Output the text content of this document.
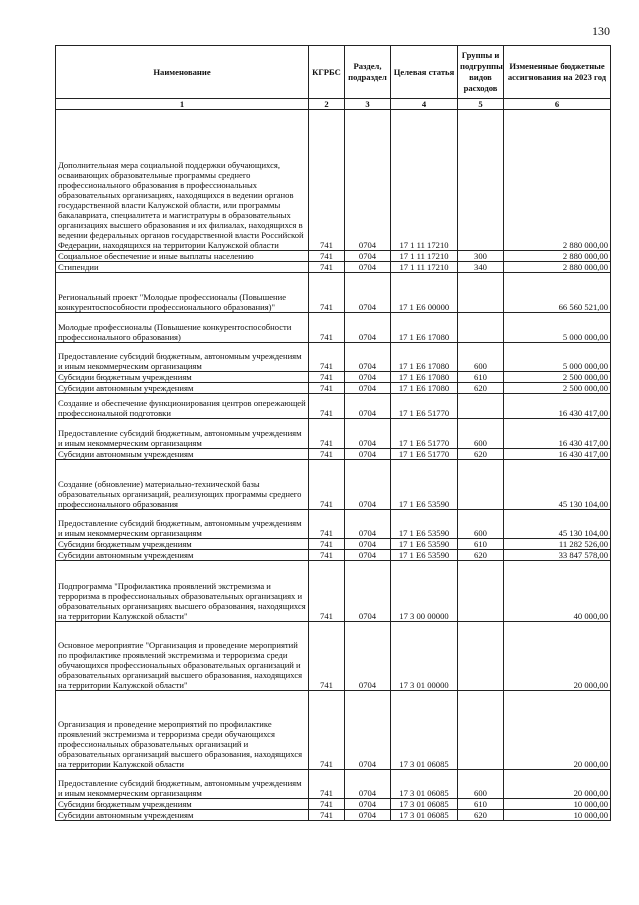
130
Наименование	КГРБС	Раздел, подраздел	Целевая статья	Группы и подгруппы видов расходов	Измененные бюджетные ассигнования на 2023 год
1	2	3	4	5	6
Дополнительная мера социальной поддержки обучающихся, осваивающих образовательные программы среднего профессионального образования в профессиональных образовательных организациях, находящихся в ведении органов государственной власти Калужской области, или программы бакалавриата, специалитета и магистратуры в образовательных организациях высшего образования и их филиалах, находящихся в ведении федеральных органов государственной власти Российской Федерации, находящихся на территории Калужской области	741	0704	17 1 11 17210		2 880 000,00
Социальное обеспечение и иные выплаты населению	741	0704	17 1 11 17210	300	2 880 000,00
Стипендии	741	0704	17 1 11 17210	340	2 880 000,00
Региональный проект "Молодые профессионалы (Повышение конкурентоспособности профессионального образования)"	741	0704	17 1 E6 00000		66 560 521,00
Молодые профессионалы (Повышение конкурентоспособности профессионального образования)	741	0704	17 1 E6 17080		5 000 000,00
Предоставление субсидий бюджетным, автономным учреждениям и иным некоммерческим организациям	741	0704	17 1 E6 17080	600	5 000 000,00
Субсидии бюджетным учреждениям	741	0704	17 1 E6 17080	610	2 500 000,00
Субсидии автономным учреждениям	741	0704	17 1 E6 17080	620	2 500 000,00
Создание и обеспечение функционирования центров опережающей профессиональной подготовки	741	0704	17 1 E6 51770		16 430 417,00
Предоставление субсидий бюджетным, автономным учреждениям и иным некоммерческим организациям	741	0704	17 1 E6 51770	600	16 430 417,00
Субсидии автономным учреждениям	741	0704	17 1 E6 51770	620	16 430 417,00
Создание (обновление) материально-технической базы образовательных организаций, реализующих программы среднего профессионального образования	741	0704	17 1 E6 53590		45 130 104,00
Предоставление субсидий бюджетным, автономным учреждениям и иным некоммерческим организациям	741	0704	17 1 E6 53590	600	45 130 104,00
Субсидии бюджетным учреждениям	741	0704	17 1 E6 53590	610	11 282 526,00
Субсидии автономным учреждениям	741	0704	17 1 E6 53590	620	33 847 578,00
Подпрограмма "Профилактика проявлений экстремизма и терроризма в профессиональных образовательных организациях и образовательных организациях высшего образования, находящихся на территории Калужской области"	741	0704	17 3 00 00000		40 000,00
Основное мероприятие "Организация и проведение мероприятий по профилактике проявлений экстремизма и терроризма среди обучающихся профессиональных образовательных организаций и образовательных организаций высшего образования, находящихся на территории Калужской области"	741	0704	17 3 01 00000		20 000,00
Организация и проведение мероприятий по профилактике проявлений экстремизма и терроризма среди обучающихся профессиональных образовательных организаций и образовательных организаций высшего образования, находящихся на территории Калужской области	741	0704	17 3 01 06085		20 000,00
Предоставление субсидий бюджетным, автономным учреждениям и иным некоммерческим организациям	741	0704	17 3 01 06085	600	20 000,00
Субсидии бюджетным учреждениям	741	0704	17 3 01 06085	610	10 000,00
Субсидии автономным учреждениям	741	0704	17 3 01 06085	620	10 000,00
